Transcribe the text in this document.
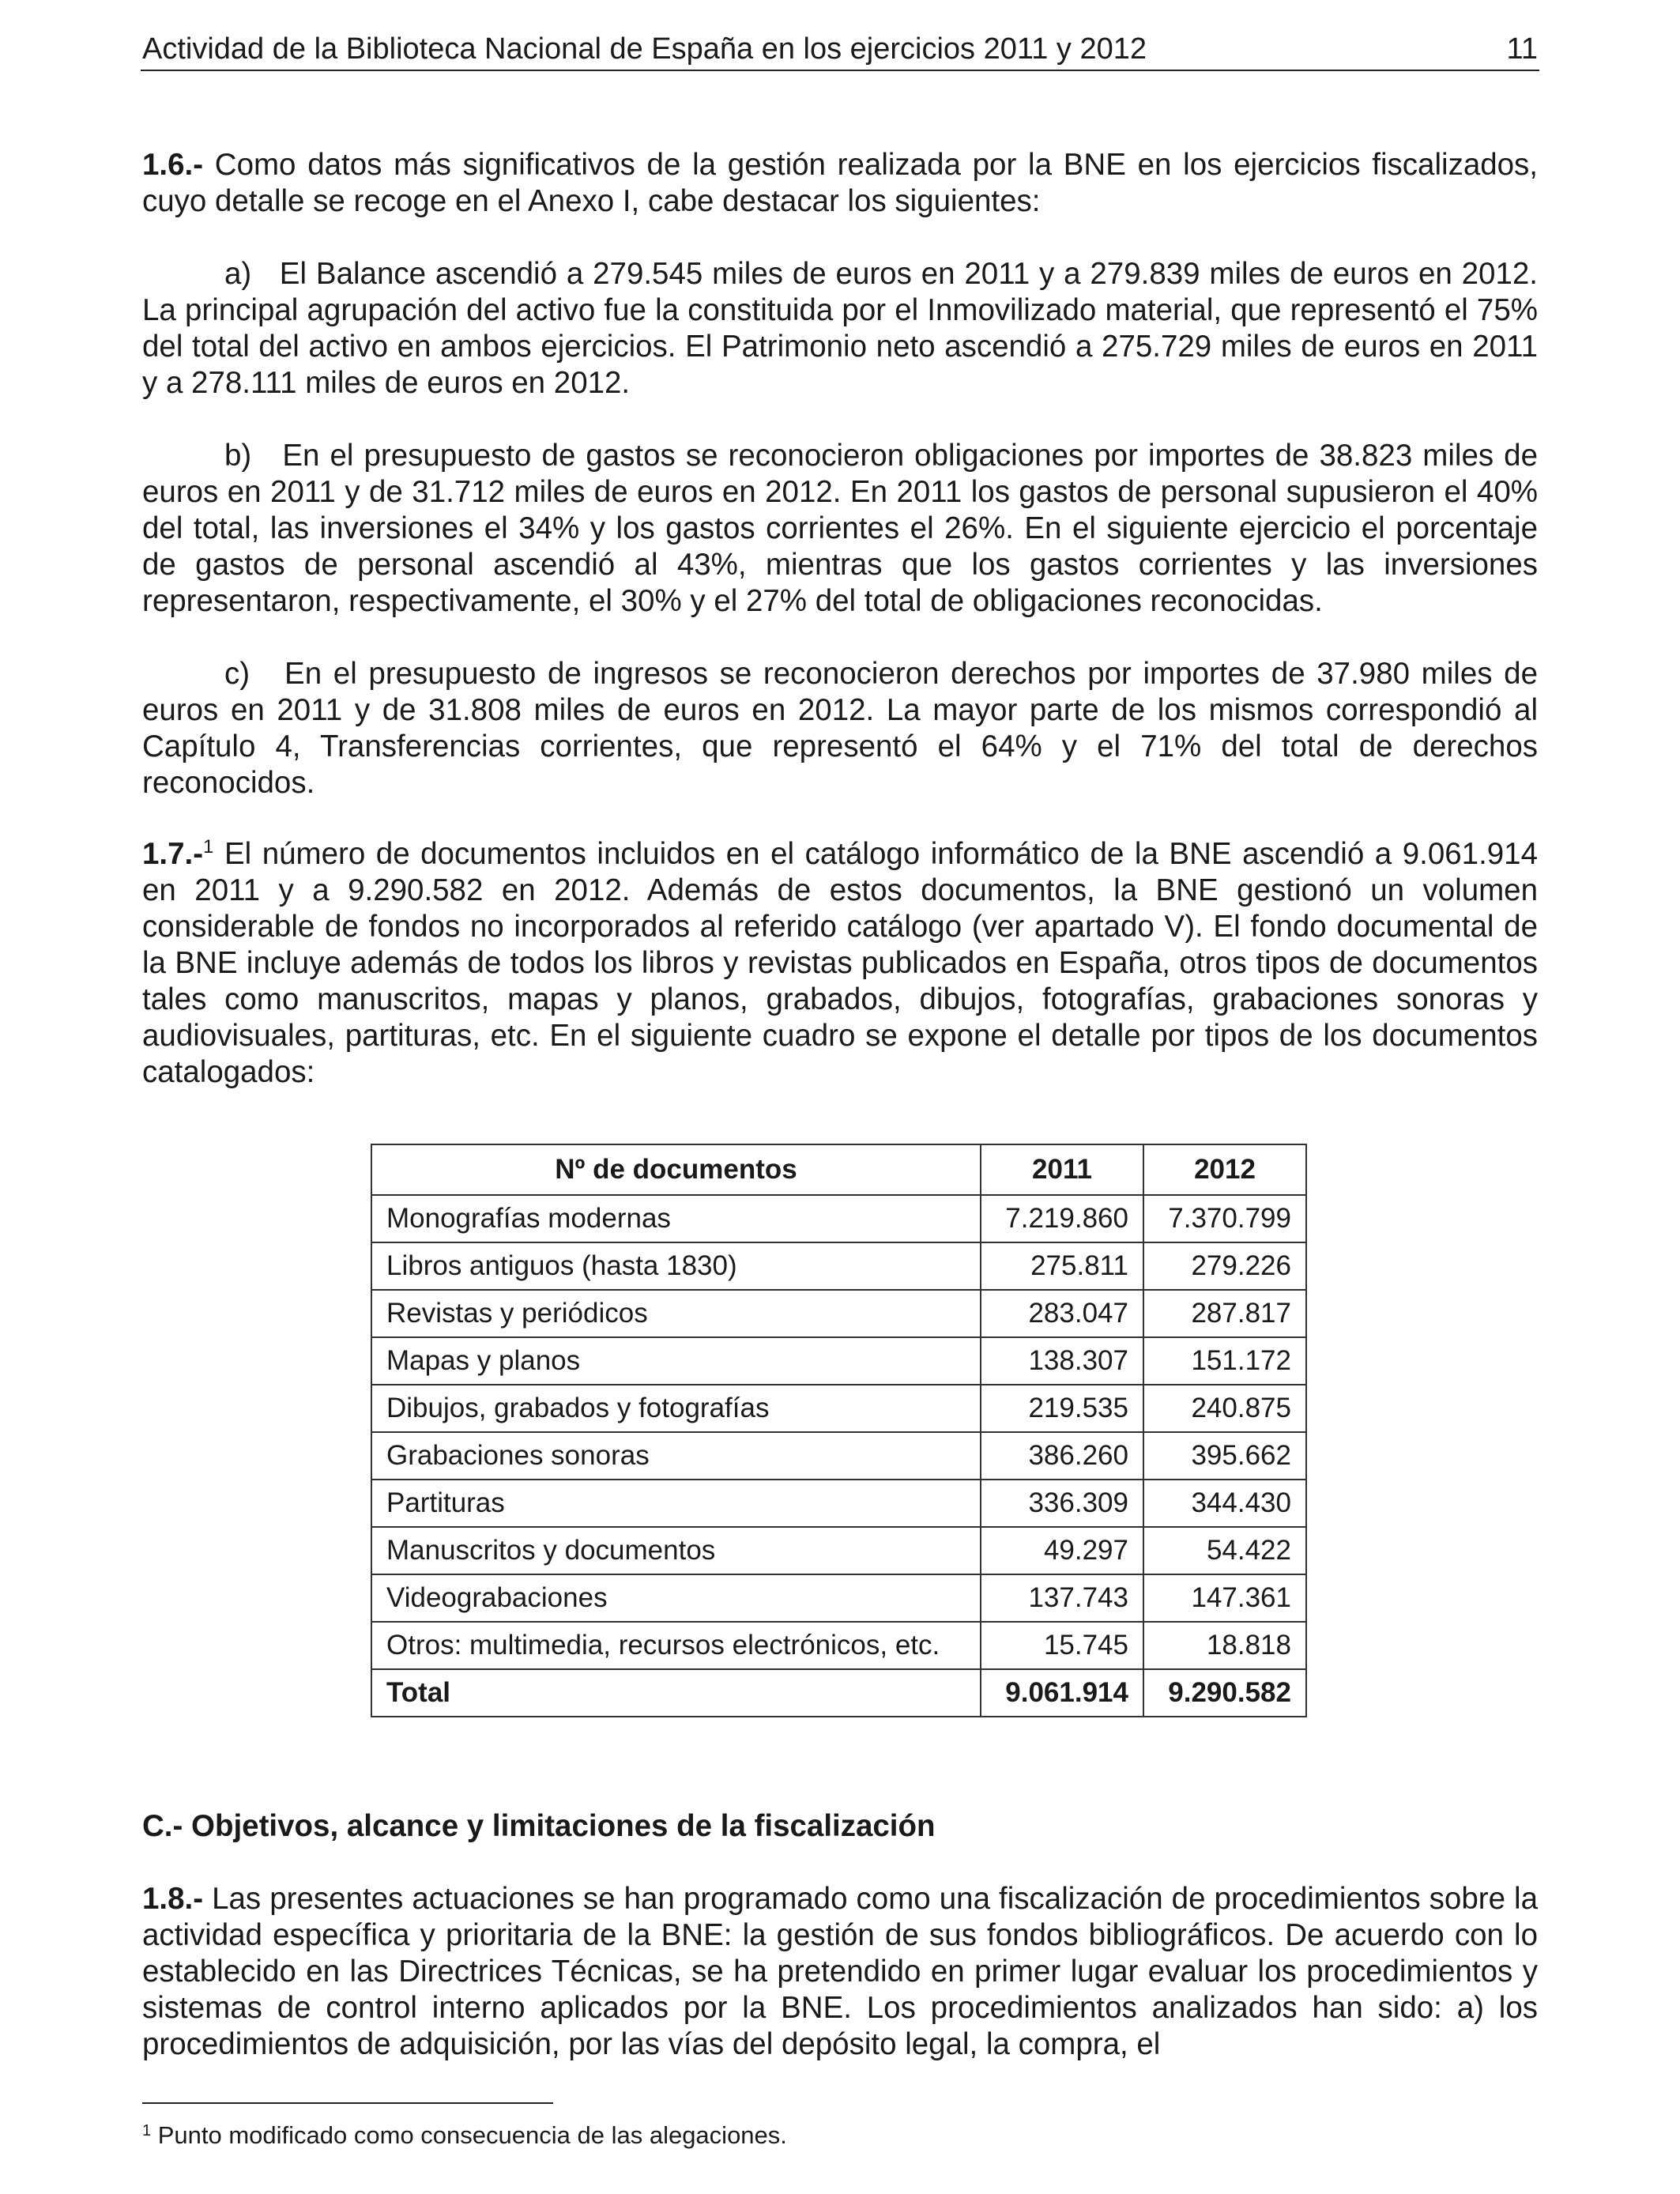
Actividad de la Biblioteca Nacional de España en los ejercicios 2011 y 2012	11

1.6.- Como datos más significativos de la gestión realizada por la BNE en los ejercicios fiscalizados, cuyo detalle se recoge en el Anexo I, cabe destacar los siguientes:

a)   El Balance ascendió a 279.545 miles de euros en 2011 y a 279.839 miles de euros en 2012. La principal agrupación del activo fue la constituida por el Inmovilizado material, que representó el 75% del total del activo en ambos ejercicios. El Patrimonio neto ascendió a 275.729 miles de euros en 2011 y a 278.111 miles de euros en 2012.

b)   En el presupuesto de gastos se reconocieron obligaciones por importes de 38.823 miles de euros en 2011 y de 31.712 miles de euros en 2012. En 2011 los gastos de personal supusieron el 40% del total, las inversiones el 34% y los gastos corrientes el 26%. En el siguiente ejercicio el porcentaje de gastos de personal ascendió al 43%, mientras que los gastos corrientes y las inversiones representaron, respectivamente, el 30% y el 27% del total de obligaciones reconocidas.

c)   En el presupuesto de ingresos se reconocieron derechos por importes de 37.980 miles de euros en 2011 y de 31.808 miles de euros en 2012. La mayor parte de los mismos correspondió al Capítulo 4, Transferencias corrientes, que representó el 64% y el 71% del total de derechos reconocidos.

1.7.-$^1$ El número de documentos incluidos en el catálogo informático de la BNE ascendió a 9.061.914 en 2011 y a 9.290.582 en 2012. Además de estos documentos, la BNE gestionó un volumen considerable de fondos no incorporados al referido catálogo (ver apartado V). El fondo documental de la BNE incluye además de todos los libros y revistas publicados en España, otros tipos de documentos tales como manuscritos, mapas y planos, grabados, dibujos, fotografías, grabaciones sonoras y audiovisuales, partituras, etc. En el siguiente cuadro se expone el detalle por tipos de los documentos catalogados:

Nº de documentos	2011	2012
Monografías modernas	7.219.860	7.370.799
Libros antiguos (hasta 1830)	275.811	279.226
Revistas y periódicos	283.047	287.817
Mapas y planos	138.307	151.172
Dibujos, grabados y fotografías	219.535	240.875
Grabaciones sonoras	386.260	395.662
Partituras	336.309	344.430
Manuscritos y documentos	49.297	54.422
Videograbaciones	137.743	147.361
Otros: multimedia, recursos electrónicos, etc.	15.745	18.818
Total	9.061.914	9.290.582
C.- Objetivos, alcance y limitaciones de la fiscalización

1.8.- Las presentes actuaciones se han programado como una fiscalización de procedimientos sobre la actividad específica y prioritaria de la BNE: la gestión de sus fondos bibliográficos. De acuerdo con lo establecido en las Directrices Técnicas, se ha pretendido en primer lugar evaluar los procedimientos y sistemas de control interno aplicados por la BNE. Los procedimientos analizados han sido: a) los procedimientos de adquisición, por las vías del depósito legal, la compra, el

$^1$ Punto modificado como consecuencia de las alegaciones.
